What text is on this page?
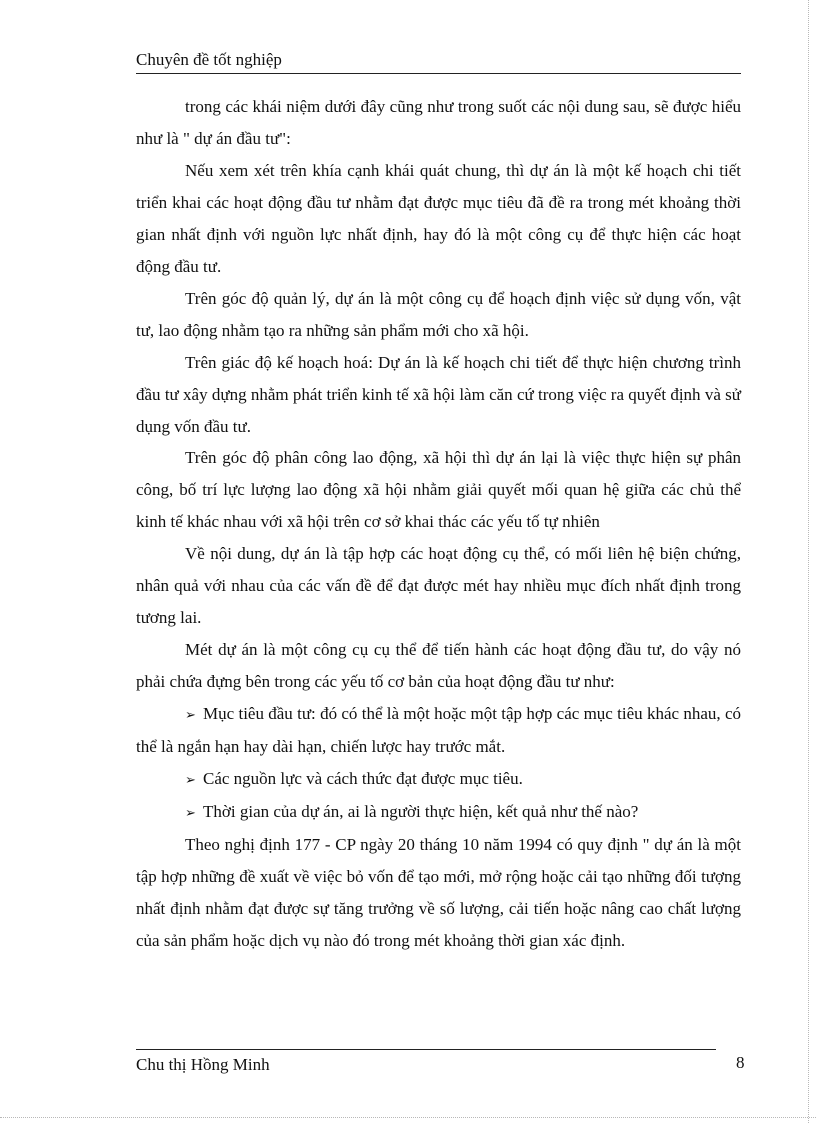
Chuyên đề tốt nghiệp

trong các khái niệm dưới đây cũng như trong suốt các nội dung sau, sẽ được hiểu như là " dự án đầu tư":

Nếu xem xét trên khía cạnh khái quát chung, thì dự án là một kế hoạch chi tiết triển khai các hoạt động đầu tư nhằm đạt được mục tiêu đã đề ra trong mét khoảng thời gian nhất định với nguồn lực nhất định, hay đó là một công cụ để thực hiện các hoạt động đầu tư.

Trên góc độ quản lý, dự án là một công cụ để hoạch định việc sử dụng vốn, vật tư, lao động nhằm tạo ra những sản phẩm mới cho xã hội.

Trên giác độ kế hoạch hoá: Dự án là kế hoạch chi tiết để thực hiện chương trình đầu tư xây dựng nhằm phát triển kinh tế xã hội làm căn cứ trong việc ra quyết định và sử dụng vốn đầu tư.

Trên góc độ phân công lao động, xã hội thì dự án lại là việc thực hiện sự phân công, bố trí lực lượng lao động xã hội nhằm giải quyết mối quan hệ giữa các chủ thể kinh tế khác nhau với xã hội trên cơ sở khai thác các yếu tố tự nhiên

Về nội dung, dự án là tập hợp các hoạt động cụ thể, có mối liên hệ biện chứng, nhân quả với nhau của các vấn đề để đạt được mét hay nhiều mục đích nhất định trong tương lai.

Mét dự án là một công cụ cụ thể để tiến hành các hoạt động đầu tư, do vậy nó phải chứa đựng bên trong các yếu tố cơ bản của hoạt động đầu tư như:

➢ Mục tiêu đầu tư: đó có thể là một hoặc một tập hợp các mục tiêu khác nhau, có thể là ngắn hạn hay dài hạn, chiến lược hay trước mắt.

➢ Các nguồn lực và cách thức đạt được mục tiêu.

➢ Thời gian của dự án, ai là người thực hiện, kết quả như thế nào?

Theo nghị định 177 - CP ngày 20 tháng 10 năm 1994 có quy định " dự án là một tập hợp những đề xuất về việc bỏ vốn để tạo mới, mở rộng hoặc cải tạo những đối tượng nhất định nhằm đạt được sự tăng trưởng về số lượng, cải tiến hoặc nâng cao chất lượng của sản phẩm hoặc dịch vụ nào đó trong mét khoảng thời gian xác định.

Chu thị Hồng Minh	8
